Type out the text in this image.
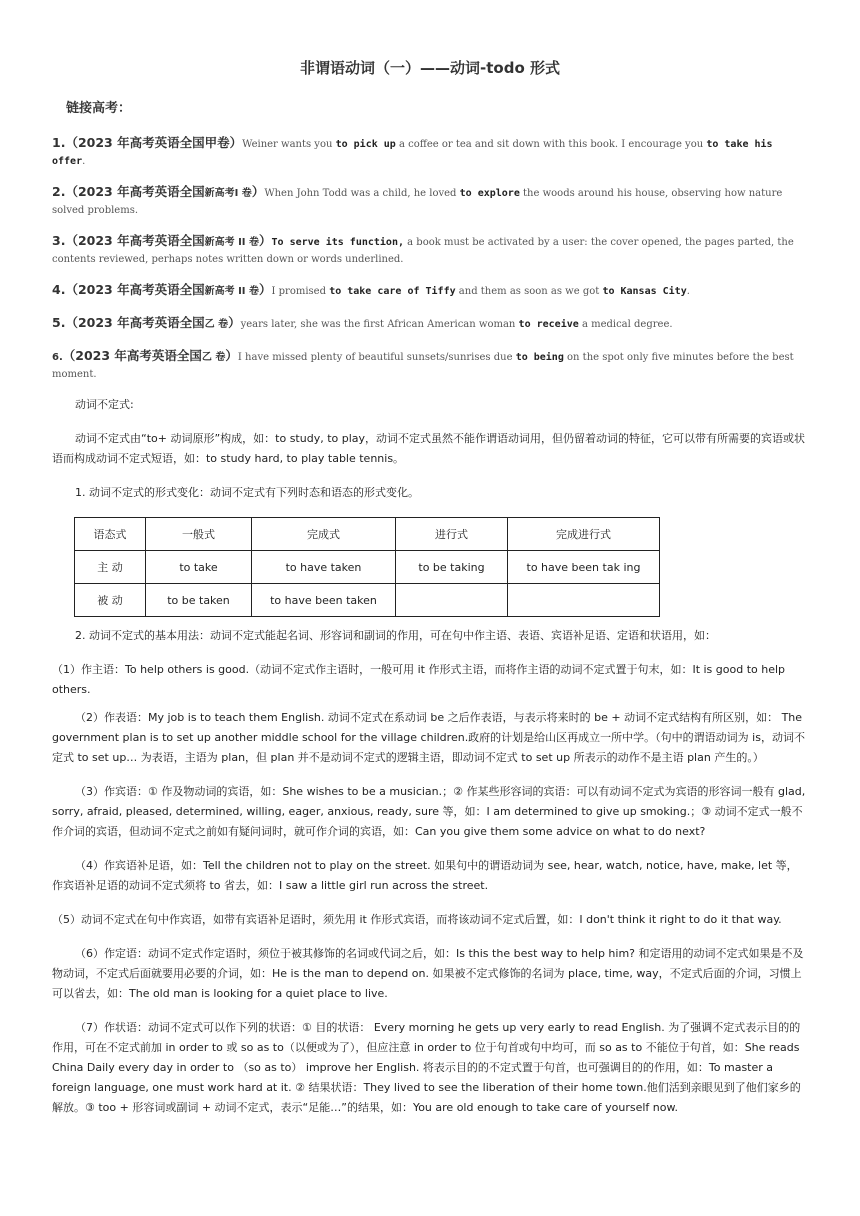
非谓语动词（一）——动词-todo 形式
链接高考：
1.（2023 年高考英语全国甲卷）Weiner wants you to pick up a coffee or tea and sit down with this book. I encourage you to take his offer.
2.（2023 年高考英语全国新高考Ⅰ 卷）When John Todd was a child, he loved to explore the woods around his house, observing how nature solved problems.
3.（2023 年高考英语全国新高考 II 卷）To serve its function, a book must be activated by a user: the cover opened, the pages parted, the contents reviewed, perhaps notes written down or words underlined.
4.（2023 年高考英语全国新高考 II 卷）I promised to take care of Tiffy and them as soon as we got to Kansas City.
5.（2023 年高考英语全国乙 卷）years later, she was the first African American woman to receive a medical degree.
6.（2023 年高考英语全国乙 卷）I have missed plenty of beautiful sunsets/sunrises due to being on the spot only five minutes before the best moment.
动词不定式:
动词不定式由“to+ 动词原形”构成，如：to study, to play，动词不定式虽然不能作谓语动词用，但仍留着动词的特征，它可以带有所需要的宾语或状语而构成动词不定式短语，如：to study hard, to play table tennis。
1. 动词不定式的形式变化：动词不定式有下列时态和语态的形式变化。
语态式	一般式	完成式	进行式	完成进行式
主 动	to take	to have taken	to be taking	to have been tak ing
被 动	to be taken	to have been taken		
2. 动词不定式的基本用法：动词不定式能起名词、形容词和副词的作用，可在句中作主语、表语、宾语补足语、定语和状语用，如：
（1）作主语：To help others is good.（动词不定式作主语时，一般可用 it 作形式主语，而将作主语的动词不定式置于句末，如：It is good to help others.
（2）作表语：My job is to teach them English. 动词不定式在系动词 be 之后作表语，与表示将来时的 be + 动词不定式结构有所区别，如： The government plan is to set up another middle school for the village children.政府的计划是给山区再成立一所中学。（句中的谓语动词为 is，动词不定式 to set up… 为表语，主语为 plan，但 plan 并不是动词不定式的逻辑主语，即动词不定式 to set up 所表示的动作不是主语 plan 产生的。）
（3）作宾语：① 作及物动词的宾语，如：She wishes to be a musician.；② 作某些形容词的宾语：可以有动词不定式为宾语的形容词一般有 glad, sorry, afraid, pleased, determined, willing, eager, anxious, ready, sure 等，如：I am determined to give up smoking.；③ 动词不定式一般不作介词的宾语，但动词不定式之前如有疑问词时，就可作介词的宾语，如：Can you give them some advice on what to do next?
（4）作宾语补足语，如：Tell the children not to play on the street. 如果句中的谓语动词为 see, hear, watch, notice, have, make, let 等，作宾语补足语的动词不定式须将 to 省去，如：I saw a little girl run across the street.
（5）动词不定式在句中作宾语，如带有宾语补足语时，须先用 it 作形式宾语，而将该动词不定式后置，如：I don't think it right to do it that way.
（6）作定语：动词不定式作定语时，须位于被其修饰的名词或代词之后，如：Is this the best way to help him? 和定语用的动词不定式如果是不及物动词，不定式后面就要用必要的介词，如：He is the man to depend on. 如果被不定式修饰的名词为 place, time, way，不定式后面的介词，习惯上可以省去，如：The old man is looking for a quiet place to live.
（7）作状语：动词不定式可以作下列的状语：① 目的状语： Every morning he gets up very early to read English. 为了强调不定式表示目的的作用，可在不定式前加 in order to 或 so as to（以便或为了），但应注意 in order to 位于句首或句中均可，而 so as to 不能位于句首，如：She reads China Daily every day in order to （so as to） improve her English. 将表示目的的不定式置于句首，也可强调目的的作用，如：To master a foreign language, one must work hard at it. ② 结果状语：They lived to see the liberation of their home town.他们活到亲眼见到了他们家乡的解放。③ too + 形容词或副词 + 动词不定式，表示“足能…”的结果，如：You are old enough to take care of yourself now.
